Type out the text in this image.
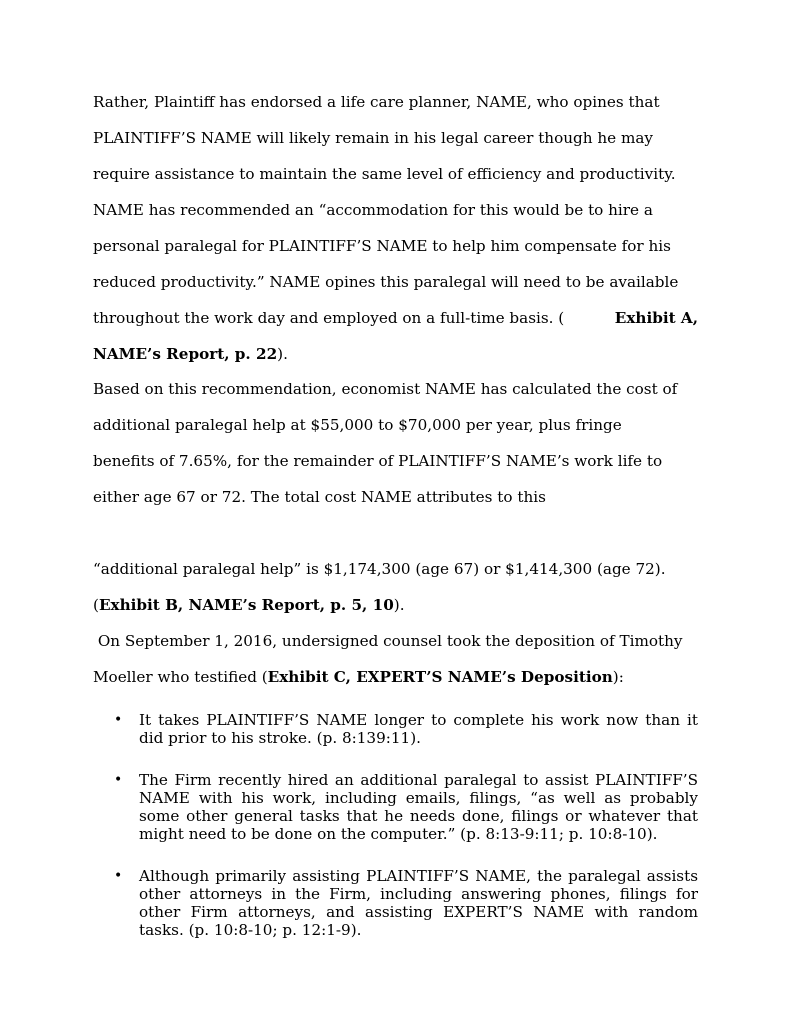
Rather, Plaintiff has endorsed a life care planner, NAME, who opines that
PLAINTIFF’S NAME will likely remain in his legal career though he may
require assistance to maintain the same level of efficiency and productivity.
NAME has recommended an “accommodation for this would be to hire a
personal paralegal for PLAINTIFF’S NAME to help him compensate for his
reduced productivity.” NAME opines this paralegal will need to be available
throughout the work day and employed on a full-time basis. (	Exhibit A,
NAME’s Report, p. 22).
Based on this recommendation, economist NAME has calculated the cost of
additional paralegal help at $55,000 to $70,000 per year, plus fringe
benefits of 7.65%, for the remainder of PLAINTIFF’S NAME’s work life to
either age 67 or 72. The total cost NAME attributes to this
“additional paralegal help” is $1,174,300 (age 67) or $1,414,300 (age 72).
(Exhibit B, NAME’s Report, p. 5, 10).
On September 1, 2016, undersigned counsel took the deposition of Timothy
Moeller who testified (Exhibit C, EXPERT’S NAME’s Deposition):
• It takes PLAINTIFF’S NAME longer to complete his work now than it did prior to his stroke. (p. 8:139:11).
• The Firm recently hired an additional paralegal to assist PLAINTIFF’S NAME with his work, including emails, filings, “as well as probably some other general tasks that he needs done, filings or whatever that might need to be done on the computer.” (p. 8:13-9:11; p. 10:8-10).
• Although primarily assisting PLAINTIFF’S NAME, the paralegal assists other attorneys in the Firm, including answering phones, filings for other Firm attorneys, and assisting EXPERT’S NAME with random tasks. (p. 10:8-10; p. 12:1-9).
